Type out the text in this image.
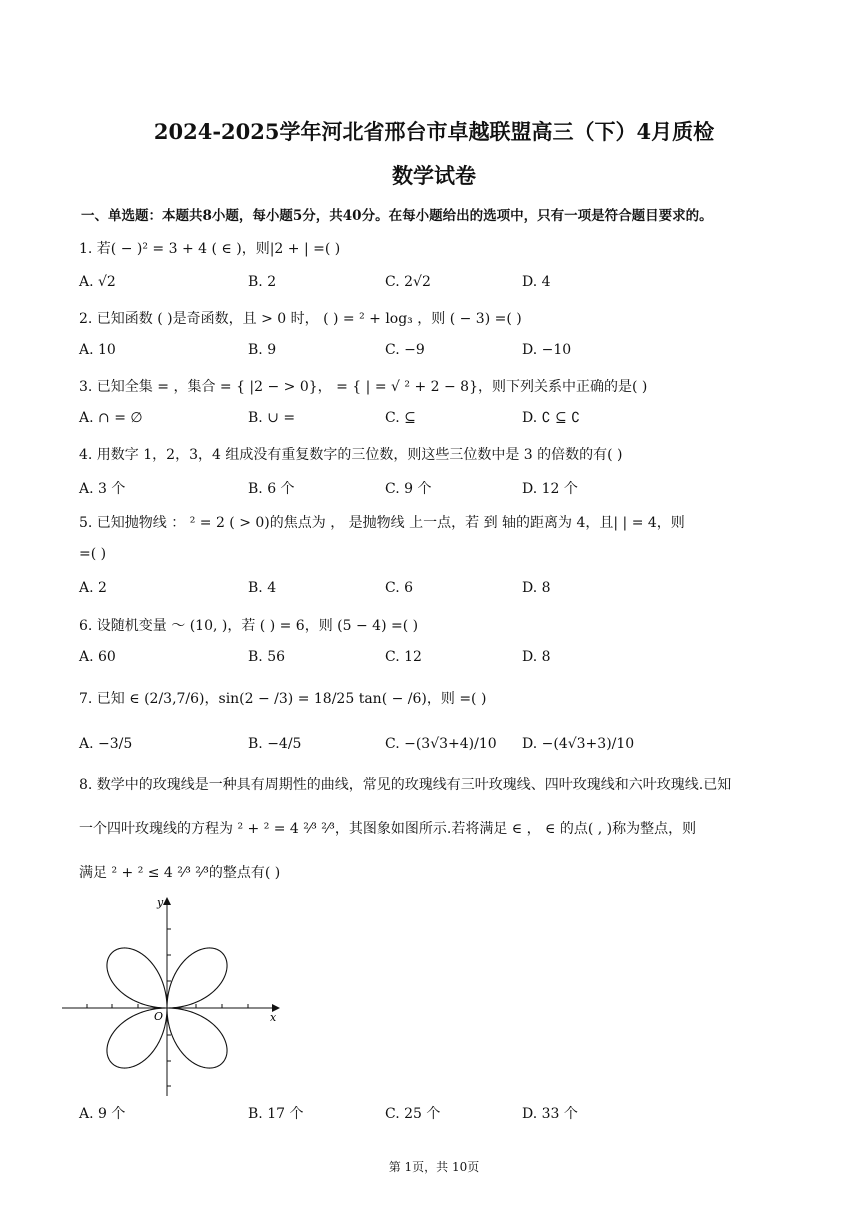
2024-2025学年河北省邢台市卓越联盟高三（下）4月质检
数学试卷
一、单选题：本题共8小题，每小题5分，共40分。在每小题给出的选项中，只有一项是符合题目要求的。
1. 若( − )² = 3 + 4 ( ∈ )，则|2 + | =( )
A. √2	B. 2	C. 2√2	D. 4
2. 已知函数 ( )是奇函数，且 > 0 时， ( ) = ² + log₃ ，则 ( − 3) =( )
A. 10	B. 9	C. −9	D. −10
3. 已知全集 = ，集合 = { |2 − > 0}， = { | = √ ² + 2 − 8}，则下列关系中正确的是( )
A. ∩ = ∅	B. ∪ =	C. ⊆	D. ∁ ⊆ ∁
4. 用数字 1，2，3，4 组成没有重复数字的三位数，则这些三位数中是 3 的倍数的有( )
A. 3 个	B. 6 个	C. 9 个	D. 12 个
5. 已知抛物线 ： ² = 2 ( > 0)的焦点为 ， 是抛物线 上一点，若 到 轴的距离为 4，且| | = 4，则
=( )
A. 2	B. 4	C. 6	D. 8
6. 设随机变量 ～ (10, )，若 ( ) = 6，则 (5 − 4) =( )
A. 60	B. 56	C. 12	D. 8
7. 已知 ∈ (2/3,7/6)，sin(2 − /3) = 18/25 tan( − /6)，则 =( )
A. −3/5	B. −4/5	C. −(3√3+4)/10 D. −(4√3+3)/10
8. 数学中的玫瑰线是一种具有周期性的曲线，常见的玫瑰线有三叶玫瑰线、四叶玫瑰线和六叶玫瑰线.已知
一个四叶玫瑰线的方程为 ² + ² = 4 ²⁄³ ²⁄³，其图象如图所示.若将满足 ∈ ， ∈ 的点( , )称为整点，则
满足 ² + ² ≤ 4 ²⁄³ ²⁄³的整点有( )
y
x
O
A. 9 个	B. 17 个	C. 25 个	D. 33 个
第 1页，共 10页
